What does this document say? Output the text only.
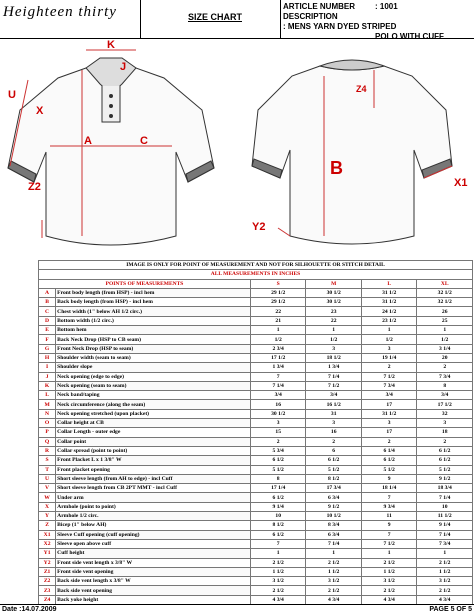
Heighteen thirty	SIZE CHART
ARTICLE NUMBER	: 1001
DESCRIPTION: MENS YARN DYED STRIPED
POLO WITH CUFF
K
U
X
A	C
Z2
J
Z4
B
X1
Y2
IMAGE IS ONLY FOR POINT OF MEASUREMENT AND NOT FOR SILHOUETTE OR STITCH DETAIL					
ALL MEASUREMENTS IN INCHES					
POINTS OF MEASUREMENTS		S	M	L	XL
A	Front body length (from HSP) - incl hem	29 1/2	30 1/2	31 1/2	32 1/2
B	Back body length (from HSP) - incl hem	29 1/2	30 1/2	31 1/2	32 1/2
C	Chest width (1" below AH 1/2 circ.)	22	23	24 1/2	26
D	Bottom width (1/2 circ.)	21	22	23 1/2	25
E	Bottom hem	1	1	1	1
F	Back Neck Drop (HSP to CB seam)	1/2	1/2	1/2	1/2
G	Front Neck Drop (HSP to seam)	2 3/4	3	3	3 1/4
H	Shoulder width (seam to seam)	17 1/2	18 1/2	19 1/4	20
I	Shoulder slope	1 3/4	1 3/4	2	2
J	Neck opening (edge to edge)	7	7 1/4	7 1/2	7 3/4
K	Neck opening (seam to seam)	7 1/4	7 1/2	7 3/4	8
L	Neck band/taping	3/4	3/4	3/4	3/4
M	Neck circumference (along the seam)	16	16 1/2	17	17 1/2
N	Neck opening stretched (upon placket)	30 1/2	31	31 1/2	32
O	Collar height at CB	3	3	3	3
P	Collar Length - outer edge	15	16	17	18
Q	Collar point	2	2	2	2
R	Collar spread (point to point)	5 3/4	6	6 1/4	6 1/2
S	Front Placket L x 1 3/8" W	6 1/2	6 1/2	6 1/2	6 1/2
T	Front placket opening	5 1/2	5 1/2	5 1/2	5 1/2
U	Short sleeve length (from AH to edge) - incl Cuff	8	8 1/2	9	9 1/2
V	Short sleeve length from CB 2PT MMT - incl Cuff	17 1/4	17 3/4	18 1/4	18 3/4
W	Under arm	6 1/2	6 3/4	7	7 1/4
X	Armhole (point to point)	9 1/4	9 1/2	9 3/4	10
Y	Armhole 1/2 circ.	10	10 1/2	11	11 1/2
Z	Bicep (1" below AH)	8 1/2	8 3/4	9	9 1/4
X1	Sleeve Cuff opening (cuff opening)	6 1/2	6 3/4	7	7 1/4
X2	Sleeve open above cuff	7	7 1/4	7 1/2	7 3/4
Y1	Cuff height	1	1	1	1
Y2	Front side vent length x 3/8" W	2 1/2	2 1/2	2 1/2	2 1/2
Z1	Front side vent opening	1 1/2	1 1/2	1 1/2	1 1/2
Z2	Back side vent length x 3/8" W	3 1/2	3 1/2	3 1/2	3 1/2
Z3	Back side vent opening	2 1/2	2 1/2	2 1/2	2 1/2
Z4	Back yoke height	4 3/4	4 3/4	4 3/4	4 3/4
Date :14.07.2009	PAGE 5 OF 5
